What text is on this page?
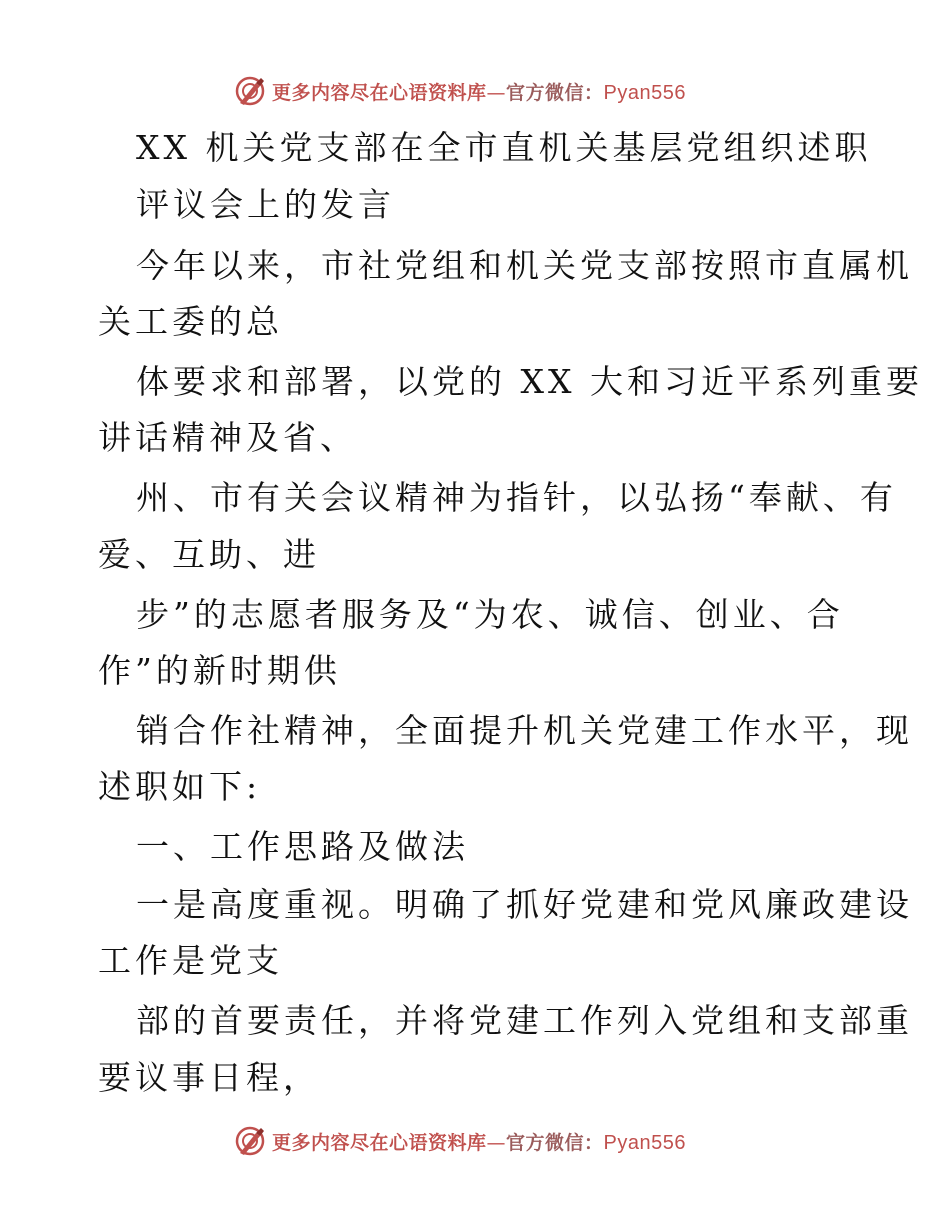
更多内容尽在心语资料库—官方微信：Pyan556
XX 机关党支部在全市直机关基层党组织述职
评议会上的发言
今年以来，市社党组和机关党支部按照市直属机
关工委的总
体要求和部署，以党的 XX 大和习近平系列重要
讲话精神及省、
州、市有关会议精神为指针，以弘扬“奉献、有
爱、互助、进
步”的志愿者服务及“为农、诚信、创业、合
作”的新时期供
销合作社精神，全面提升机关党建工作水平，现
述职如下:
一、工作思路及做法
一是高度重视。明确了抓好党建和党风廉政建设
工作是党支
部的首要责任，并将党建工作列入党组和支部重
要议事日程，
更多内容尽在心语资料库—官方微信：Pyan556
